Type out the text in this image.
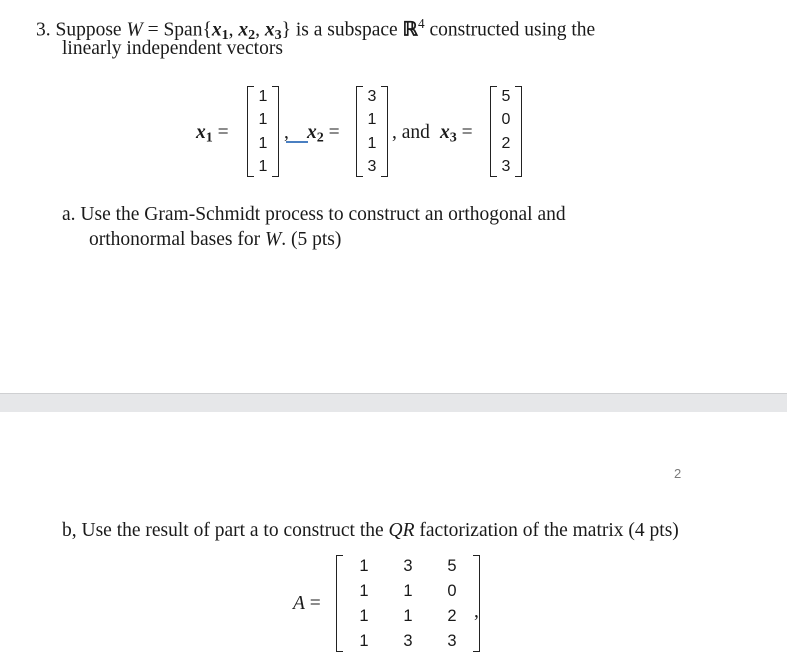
3. Suppose $W = Span\{x_1$, $x_2$, $x_3$} is a subspace ℝ$^4$ constructed using the
linearly independent vectors
$x_1$ =
1
1
1
1
, $x_2$ =
3
1
1
3
, and $x_3$ =
5
0
2
3
a. Use the Gram-Schmidt process to construct an orthogonal and
orthonormal bases for W. (5 pts)
2
b, Use the result of part a to construct the QR factorization of the matrix (4 pts)
A =
1	3	5
1	1	0
1	1	2
1	3	3
,
